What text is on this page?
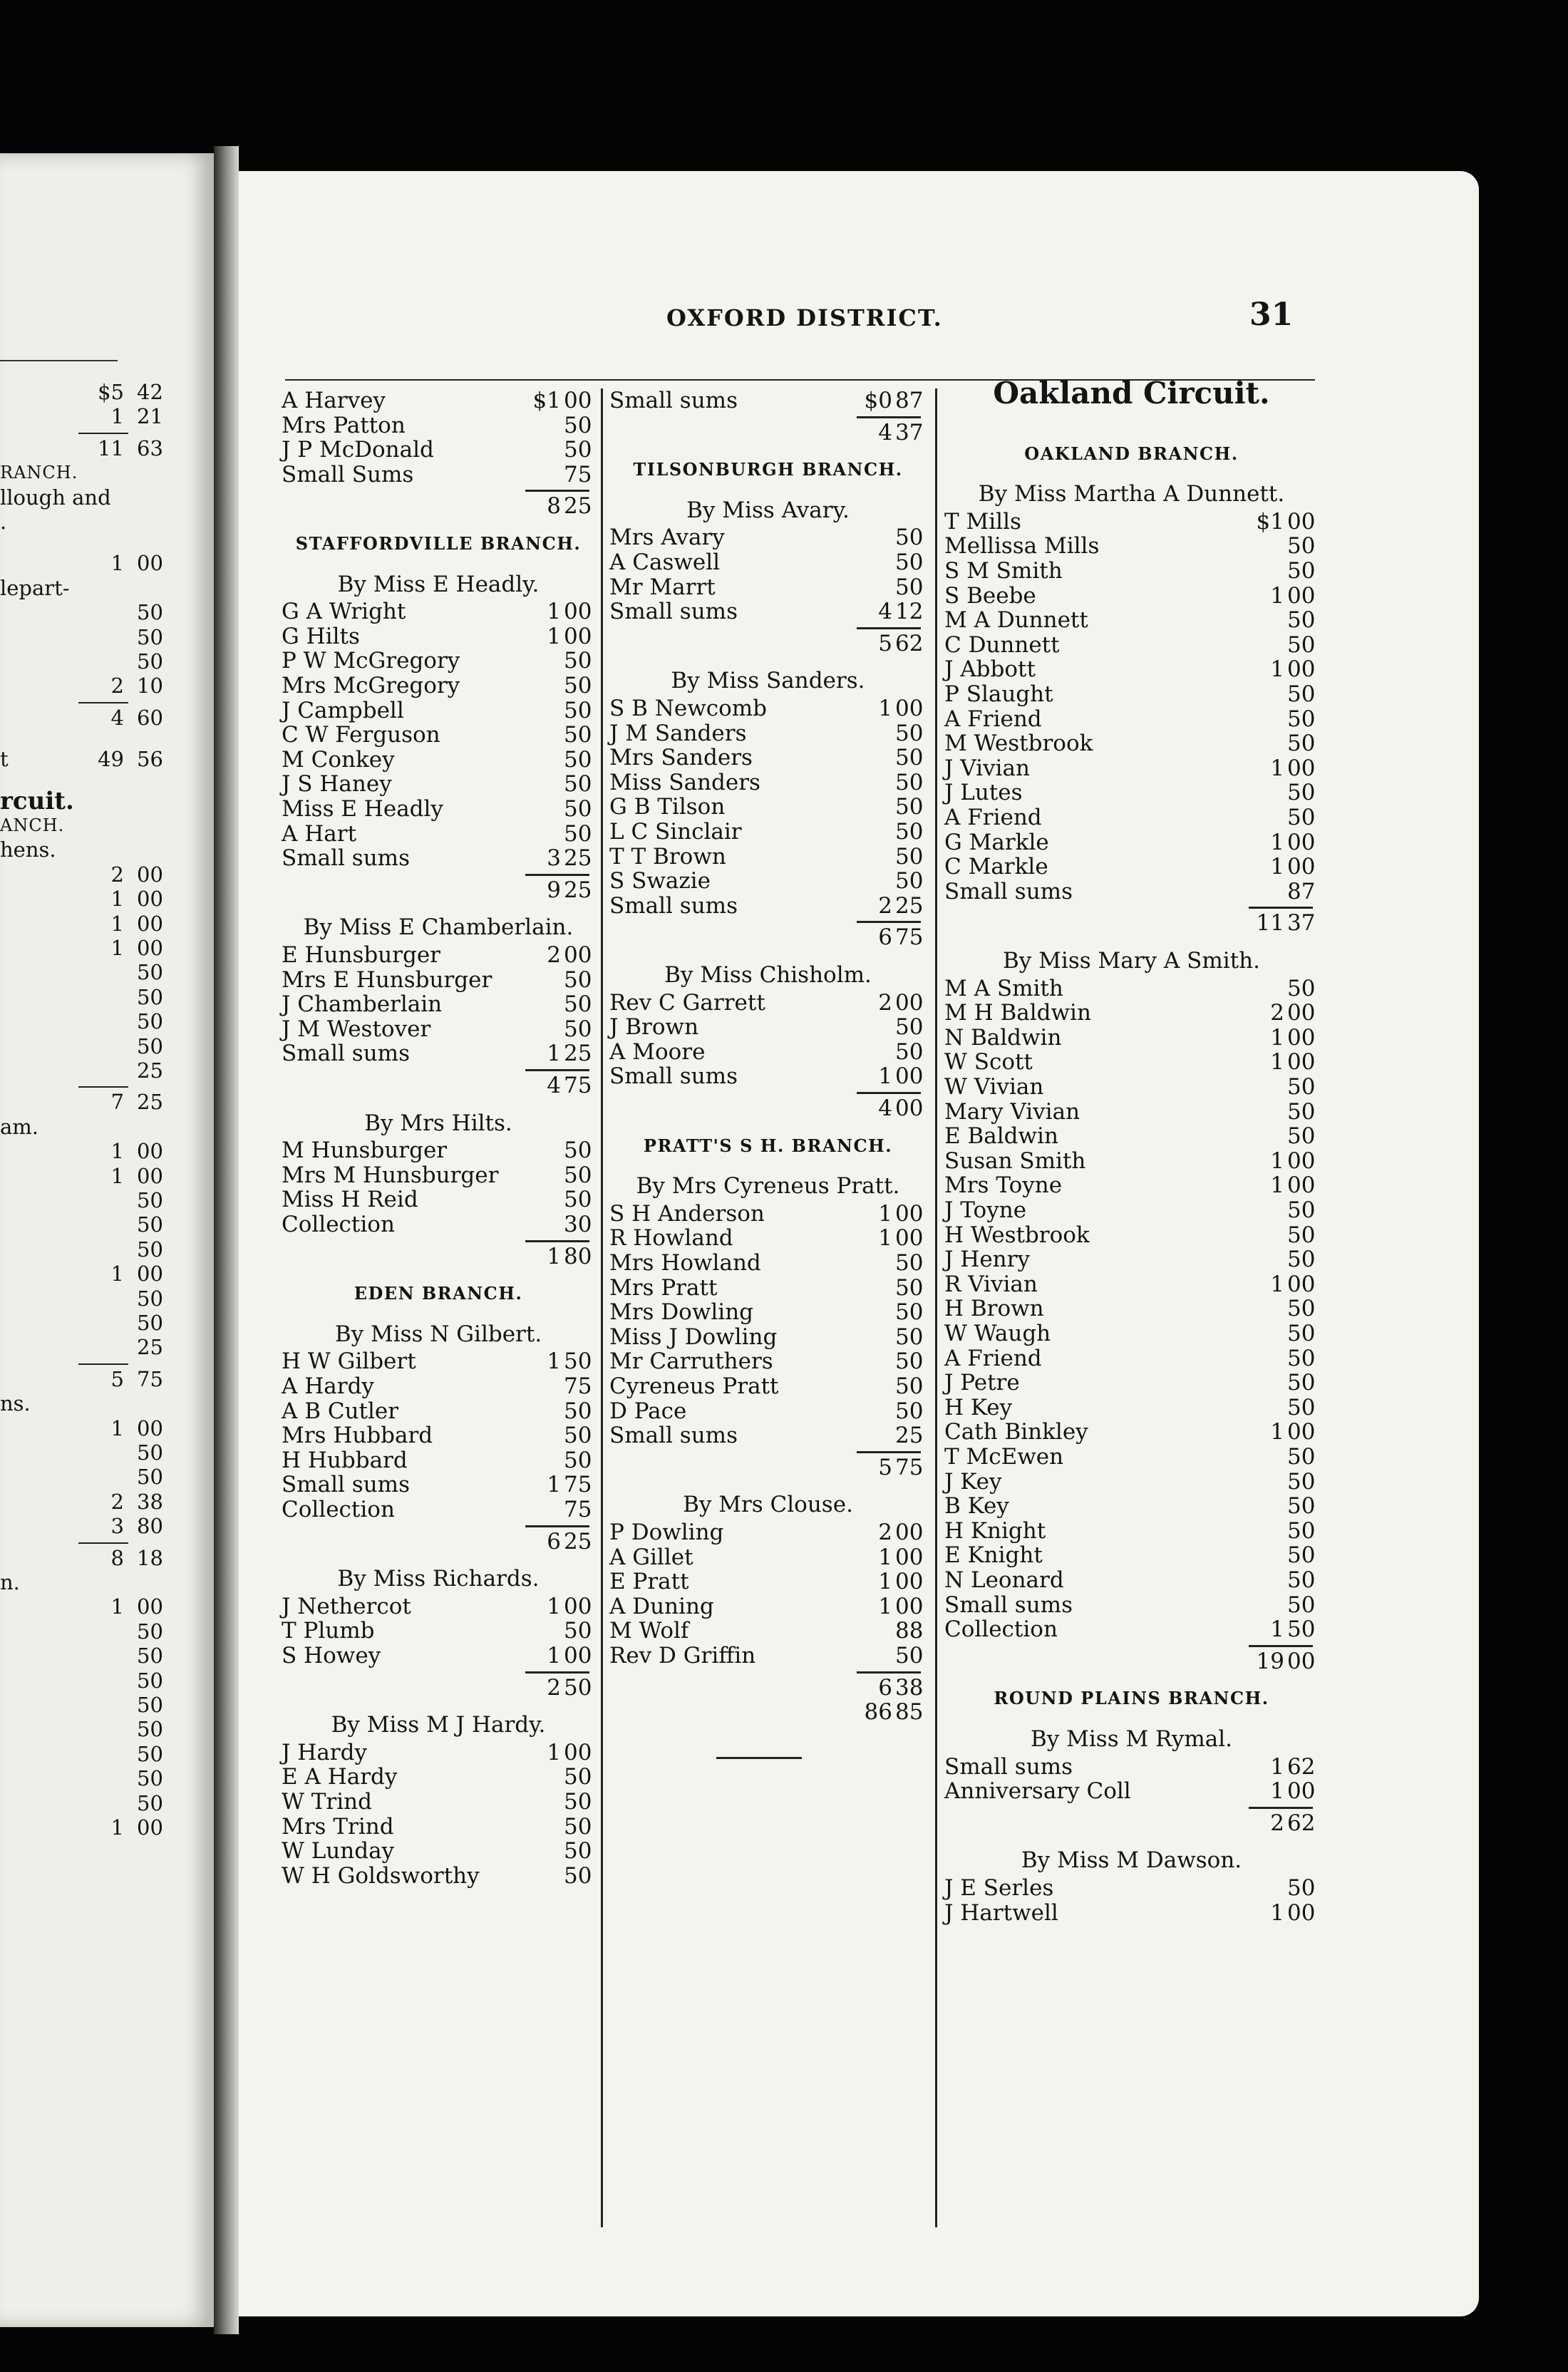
$5 42
1 21
11 63
RANCH.
llough and
.
1 00
lepart-
50
50
50
2 10
4 60
t	49 56
rcuit.
ANCH.
hens.
2 00
1 00
1 00
1 00
50
50
50
50
25
7 25
am.
1 00
1 00
50
50
50
1 00
50
50
25
5 75
ns.
1 00
50
50
2 38
3 80
8 18
n.
1 00
50
50
50
50
50
50
50
50
1 00
OXFORD DISTRICT.	31
A Harvey	$1 00
Mrs Patton	50
J P McDonald	50
Small Sums	75
8 25
STAFFORDVILLE BRANCH.
By Miss E Headly.
G A Wright	1 00
G Hilts	1 00
P W McGregory	50
Mrs McGregory	50
J Campbell	50
C W Ferguson	50
M Conkey	50
J S Haney	50
Miss E Headly	50
A Hart	50
Small sums	3 25
9 25
By Miss E Chamberlain.
E Hunsburger	2 00
Mrs E Hunsburger	50
J Chamberlain	50
J M Westover	50
Small sums	1 25
4 75
By Mrs Hilts.
M Hunsburger	50
Mrs M Hunsburger	50
Miss H Reid	50
Collection	30
1 80
EDEN BRANCH.
By Miss N Gilbert.
H W Gilbert	1 50
A Hardy	75
A B Cutler	50
Mrs Hubbard	50
H Hubbard	50
Small sums	1 75
Collection	75
6 25
By Miss Richards.
J Nethercot	1 00
T Plumb	50
S Howey	1 00
2 50
By Miss M J Hardy.
J Hardy	1 00
E A Hardy	50
W Trind	50
Mrs Trind	50
W Lunday	50
W H Goldsworthy	50
Small sums	$0 87
4 37
TILSONBURGH BRANCH.
By Miss Avary.
Mrs Avary	50
A Caswell	50
Mr Marrt	50
Small sums	4 12
5 62
By Miss Sanders.
S B Newcomb	1 00
J M Sanders	50
Mrs Sanders	50
Miss Sanders	50
G B Tilson	50
L C Sinclair	50
T T Brown	50
S Swazie	50
Small sums	2 25
6 75
By Miss Chisholm.
Rev C Garrett	2 00
J Brown	50
A Moore	50
Small sums	1 00
4 00
PRATT'S S H. BRANCH.
By Mrs Cyreneus Pratt.
S H Anderson	1 00
R Howland	1 00
Mrs Howland	50
Mrs Pratt	50
Mrs Dowling	50
Miss J Dowling	50
Mr Carruthers	50
Cyreneus Pratt	50
D Pace	50
Small sums	25
5 75
By Mrs Clouse.
P Dowling	2 00
A Gillet	1 00
E Pratt	1 00
A Duning	1 00
M Wolf	88
Rev D Griffin	50
6 38
86 85
Oakland Circuit.
OAKLAND BRANCH.
By Miss Martha A Dunnett.
T Mills	$1 00
Mellissa Mills	50
S M Smith	50
S Beebe	1 00
M A Dunnett	50
C Dunnett	50
J Abbott	1 00
P Slaught	50
A Friend	50
M Westbrook	50
J Vivian	1 00
J Lutes	50
A Friend	50
G Markle	1 00
C Markle	1 00
Small sums	87
11 37
By Miss Mary A Smith.
M A Smith	50
M H Baldwin	2 00
N Baldwin	1 00
W Scott	1 00
W Vivian	50
Mary Vivian	50
E Baldwin	50
Susan Smith	1 00
Mrs Toyne	1 00
J Toyne	50
H Westbrook	50
J Henry	50
R Vivian	1 00
H Brown	50
W Waugh	50
A Friend	50
J Petre	50
H Key	50
Cath Binkley	1 00
T McEwen	50
J Key	50
B Key	50
H Knight	50
E Knight	50
N Leonard	50
Small sums	50
Collection	1 50
19 00
ROUND PLAINS BRANCH.
By Miss M Rymal.
Small sums	1 62
Anniversary Coll	1 00
2 62
By Miss M Dawson.
J E Serles	50
J Hartwell	1 00
